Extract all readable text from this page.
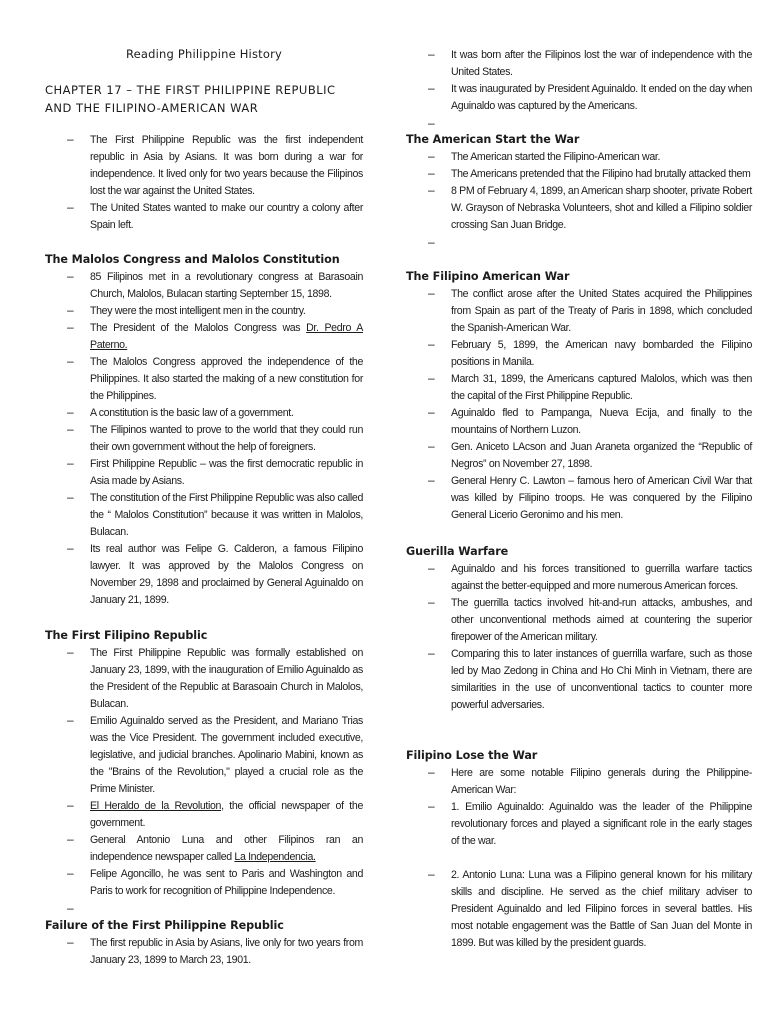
Reading Philippine History
CHAPTER 17 – THE FIRST PHILIPPINE REPUBLIC AND THE FILIPINO-AMERICAN WAR
– The First Philippine Republic was the first independent republic in Asia by Asians. It was born during a war for independence. It lived only for two years because the Filipinos lost the war against the United States.
– The United States wanted to make our country a colony after Spain left.
The Malolos Congress and Malolos Constitution
– 85 Filipinos met in a revolutionary congress at Barasoain Church, Malolos, Bulacan starting September 15, 1898.
– They were the most intelligent men in the country.
– The President of the Malolos Congress was Dr. Pedro A Paterno.
– The Malolos Congress approved the independence of the Philippines. It also started the making of a new constitution for the Philippines.
– A constitution is the basic law of a government.
– The Filipinos wanted to prove to the world that they could run their own government without the help of foreigners.
– First Philippine Republic – was the first democratic republic in Asia made by Asians.
– The constitution of the First Philippine Republic was also called the “ Malolos Constitution” because it was written in Malolos, Bulacan.
– Its real author was Felipe G. Calderon, a famous Filipino lawyer. It was approved by the Malolos Congress on November 29, 1898 and proclaimed by General Aguinaldo on January 21, 1899.
The First Filipino Republic
– The First Philippine Republic was formally established on January 23, 1899, with the inauguration of Emilio Aguinaldo as the President of the Republic at Barasoain Church in Malolos, Bulacan.
– Emilio Aguinaldo served as the President, and Mariano Trias was the Vice President. The government included executive, legislative, and judicial branches. Apolinario Mabini, known as the "Brains of the Revolution," played a crucial role as the Prime Minister.
– El Heraldo de la Revolution, the official newspaper of the government.
– General Antonio Luna and other Filipinos ran an independence newspaper called La Independencia.
– Felipe Agoncillo, he was sent to Paris and Washington and Paris to work for recognition of Philippine Independence.
–
Failure of the First Philippine Republic
– The first republic in Asia by Asians, live only for two years from January 23, 1899 to March 23, 1901.
– It was born after the Filipinos lost the war of independence with the United States.
– It was inaugurated by President Aguinaldo. It ended on the day when Aguinaldo was captured by the Americans.
–
The American Start the War
– The American started the Filipino-American war.
– The Americans pretended that the Filipino had brutally attacked them
– 8 PM of February 4, 1899, an American sharp shooter, private Robert W. Grayson of Nebraska Volunteers, shot and killed a Filipino soldier crossing San Juan Bridge.
–
The Filipino American War
– The conflict arose after the United States acquired the Philippines from Spain as part of the Treaty of Paris in 1898, which concluded the Spanish-American War.
– February 5, 1899, the American navy bombarded the Filipino positions in Manila.
– March 31, 1899, the Americans captured Malolos, which was then the capital of the First Philippine Republic.
– Aguinaldo fled to Pampanga, Nueva Ecija, and finally to the mountains of Northern Luzon.
– Gen. Aniceto LAcson and Juan Araneta organized the “Republic of Negros” on November 27, 1898.
– General Henry C. Lawton – famous hero of American Civil War that was killed by Filipino troops. He was conquered by the Filipino General Licerio Geronimo and his men.
Guerilla Warfare
– Aguinaldo and his forces transitioned to guerrilla warfare tactics against the better-equipped and more numerous American forces.
– The guerrilla tactics involved hit-and-run attacks, ambushes, and other unconventional methods aimed at countering the superior firepower of the American military.
– Comparing this to later instances of guerrilla warfare, such as those led by Mao Zedong in China and Ho Chi Minh in Vietnam, there are similarities in the use of unconventional tactics to counter more powerful adversaries.
Filipino Lose the War
– Here are some notable Filipino generals during the Philippine-American War:
– 1. Emilio Aguinaldo: Aguinaldo was the leader of the Philippine revolutionary forces and played a significant role in the early stages of the war.
– 2. Antonio Luna: Luna was a Filipino general known for his military skills and discipline. He served as the chief military adviser to President Aguinaldo and led Filipino forces in several battles. His most notable engagement was the Battle of San Juan del Monte in 1899. But was killed by the president guards.
